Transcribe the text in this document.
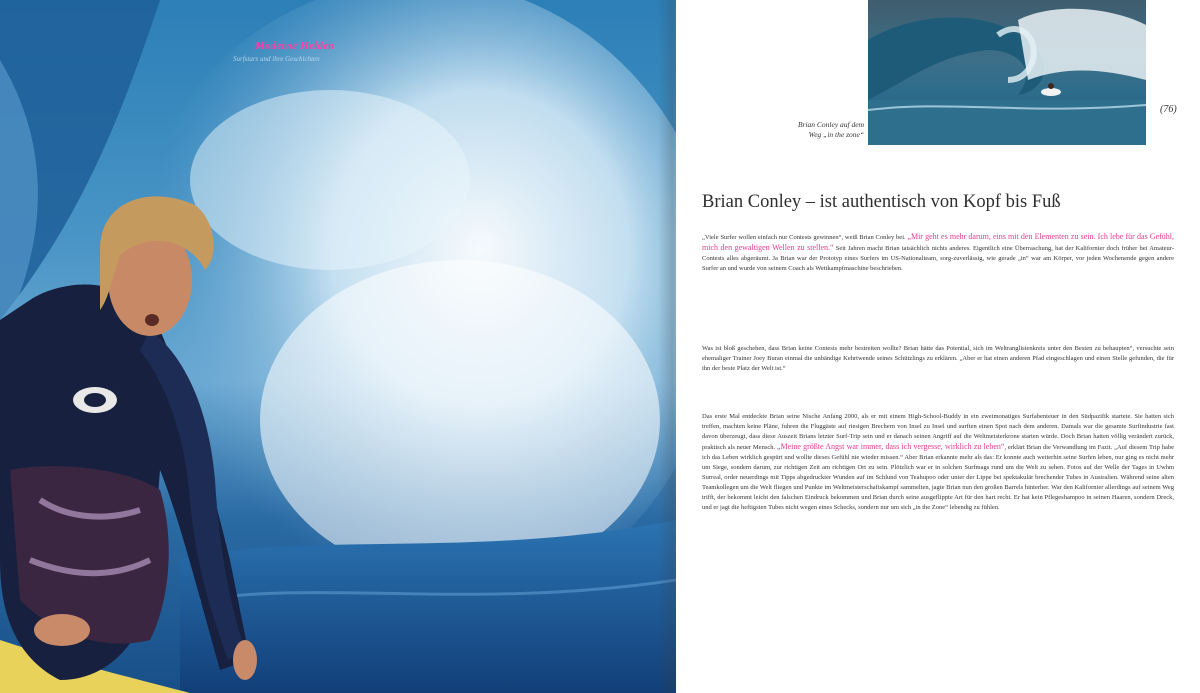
Moderne Helden
Surfstars und ihre Geschichten
Brian Conley auf dem
Weg „in the zone“
(76)
Brian Conley – ist authentisch von Kopf bis Fuß

„Viele Surfer wollen einfach nur Contests gewinnen“, weiß Brian Conley bei. „Mir geht es mehr darum, eins mit den Elementen zu sein. Ich lebe für das Gefühl, mich den gewaltigen Wellen zu stellen.“ Seit Jahren macht Brian tatsächlich nichts anderes. Eigentlich eine Überraschung, hat der Kalifornier doch früher bei Amateur-Contests alles abgeräumt. Ja Brian war der Prototyp eines Surfers im US-Nationalteam, sorg-zuverlässig, wie gerade „in“ war am Körper, vor jeden Wochenende gegen andere Surfer an und wurde von seinem Coach als Wettkampfmaschine beschrieben.

Was ist bloß geschehen, dass Brian keine Contests mehr bestreiten wollte? Brian hätte das Potential, sich im Weltranglistenkreis unter den Besten zu behaupten“, versuchte sein ehemaliger Trainer Joey Buran einmal die unbändige Kehrtwende seines Schützlings zu erklären. „Aber er hat einen anderen Pfad eingeschlagen und einen Stelle gefunden, die für ihn der beste Platz der Welt ist.“

Das erste Mal entdeckte Brian seine Nische Anfang 2000, als er mit einem High-School-Buddy in ein zweimonatiges Surfabenteuer in den Südpazifik startete. Sie hatten sich treffen, machten keine Pläne, fuhren die Fluggäste auf riesigen Brechern von Insel zu Insel und surften einen Spot nach dem anderen. Damals war die gesamte Surfindustrie fast davon überzeugt, dass diese Auszeit Brians letzter Surf-Trip sein und er danach seinen Angriff auf die Weltmeisterkrone starten würde. Doch Brian hatten völlig verändert zurück, praktisch als neuer Mensch. „Meine größte Angst war immer, dass ich vergesse, wirklich zu leben“, erklärt Brian die Verwandlung im Fazit. „Auf diesem Trip habe ich das Leben wirklich gespürt und wollte dieses Gefühl nie wieder missen.“ Aber Brian erkannte mehr als das: Er konnte auch weiterhin seine Surfen leben, nur ging es nicht mehr um Siege, sondern darum, zur richtigen Zeit am richtigen Ort zu sein. Plötzlich war er in solchen Surfmags rund um die Welt zu sehen. Fotos auf der Welle der Tages in Uwhm Surreal, order neuerdings mit Tipps abgedruckter Wunden auf im Schlund von Teahupoo oder unter der Lippe bei spektakulär brechender Tubes in Australien. Während seine alten Teamkollegen um die Welt fliegen und Punkte im Weltmeisterschaftskampf sammelten, jagte Brian nun den großen Barrels hinterher. War den Kalifornier allerdings auf seinem Weg trifft, der bekommt leicht den falschen Eindruck bekommen und Brian durch seine ausgeflippte Art für den hart recht. Er hat kein Pflegeshampoo in seinen Haaren, sondern Dreck, und er jagt die heftigsten Tubes nicht wegen eines Schecks, sondern nur um sich „in the Zone“ lebendig zu fühlen.
